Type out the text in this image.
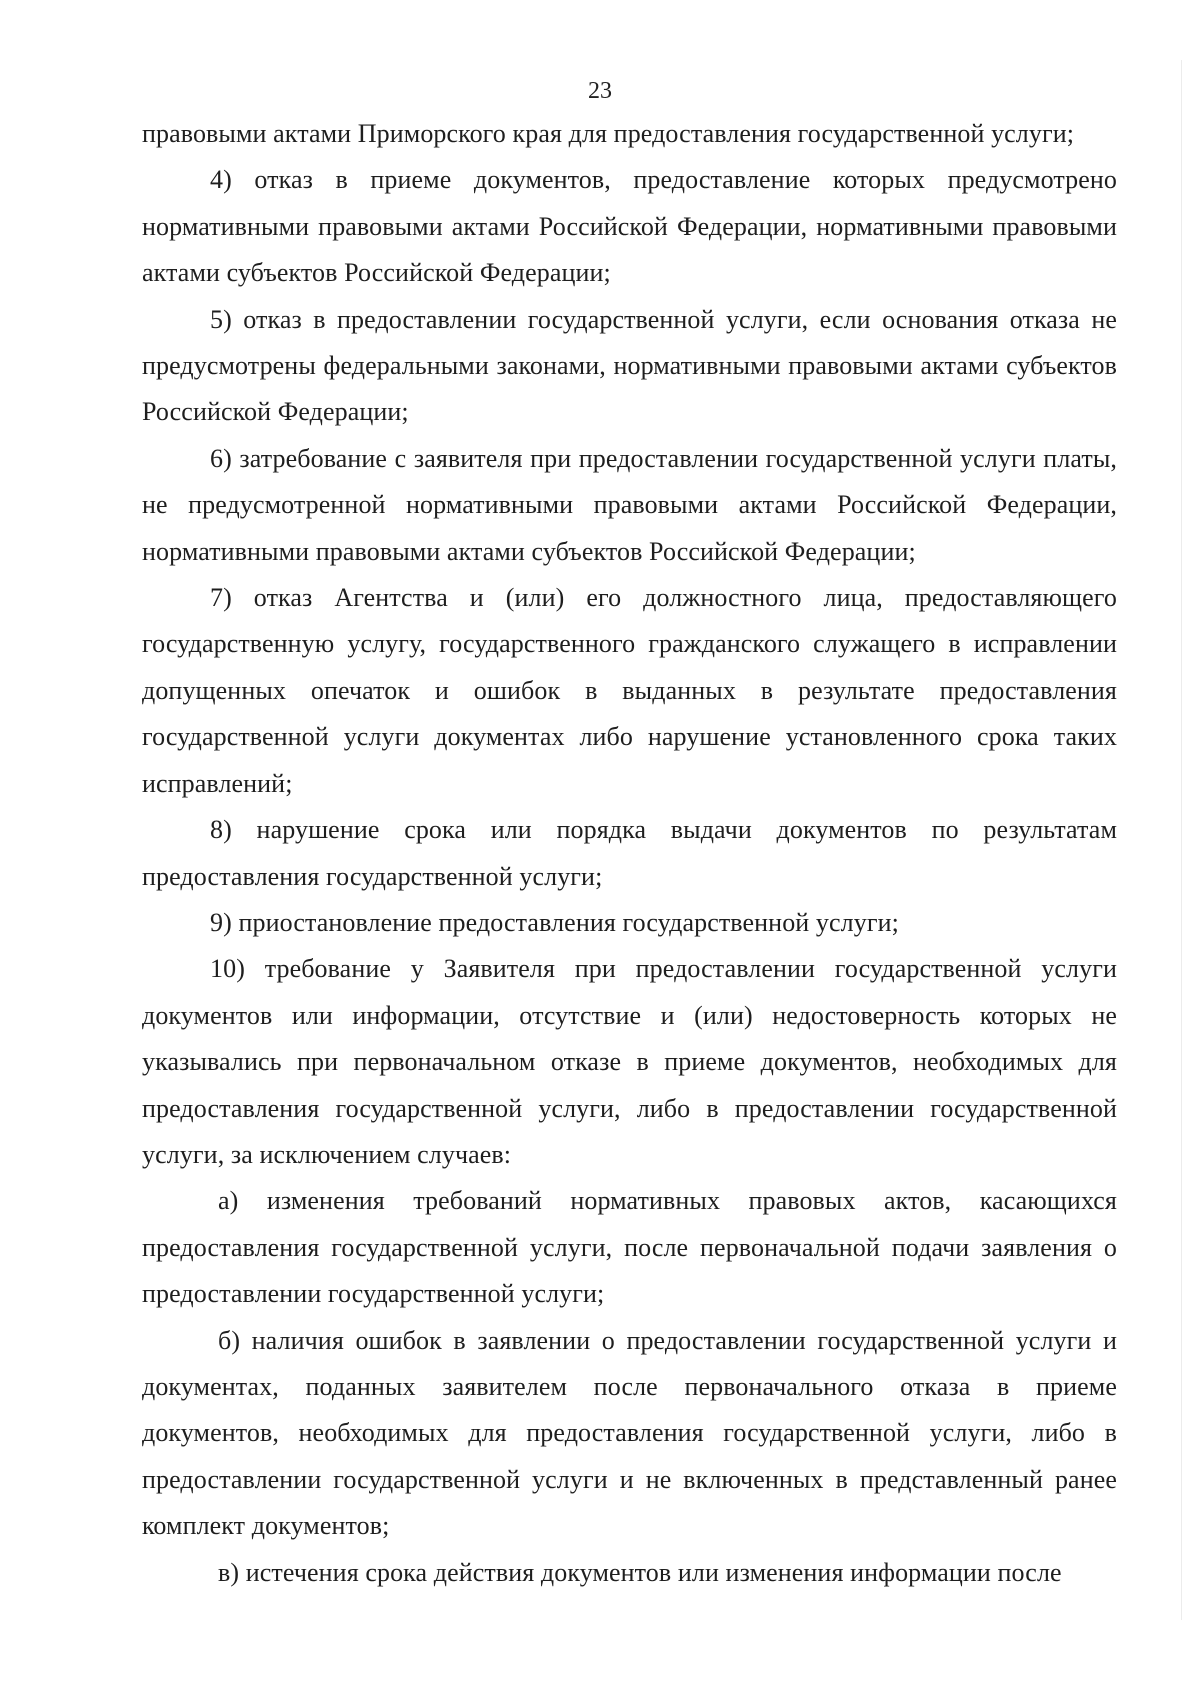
23

правовыми актами Приморского края для предоставления государственной услуги;

4) отказ в приеме документов, предоставление которых предусмотрено нормативными правовыми актами Российской Федерации, нормативными правовыми актами субъектов Российской Федерации;

5) отказ в предоставлении государственной услуги, если основания отказа не предусмотрены федеральными законами, нормативными правовыми актами субъектов Российской Федерации;

6) затребование с заявителя при предоставлении государственной услуги платы, не предусмотренной нормативными правовыми актами Российской Федерации, нормативными правовыми актами субъектов Российской Федерации;

7) отказ Агентства и (или) его должностного лица, предоставляющего государственную услугу, государственного гражданского служащего в исправлении допущенных опечаток и ошибок в выданных в результате предоставления государственной услуги документах либо нарушение установленного срока таких исправлений;

8) нарушение срока или порядка выдачи документов по результатам предоставления государственной услуги;

9) приостановление предоставления государственной услуги;

10) требование у Заявителя при предоставлении государственной услуги документов или информации, отсутствие и (или) недостоверность которых не указывались при первоначальном отказе в приеме документов, необходимых для предоставления государственной услуги, либо в предоставлении государственной услуги, за исключением случаев:

а) изменения требований нормативных правовых актов, касающихся предоставления государственной услуги, после первоначальной подачи заявления о предоставлении государственной услуги;

б) наличия ошибок в заявлении о предоставлении государственной услуги и документах, поданных заявителем после первоначального отказа в приеме документов, необходимых для предоставления государственной услуги, либо в предоставлении государственной услуги и не включенных в представленный ранее комплект документов;

в) истечения срока действия документов или изменения информации после
